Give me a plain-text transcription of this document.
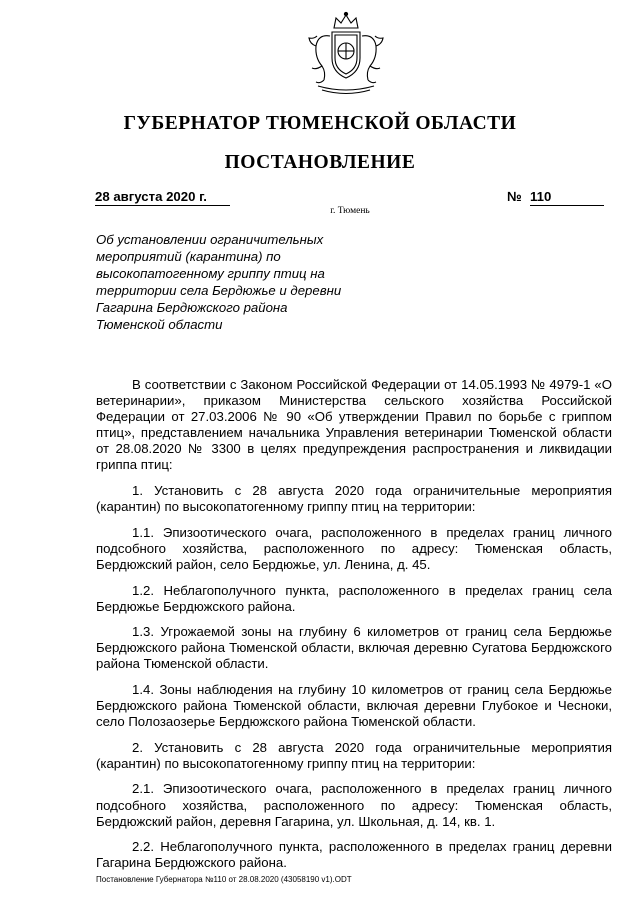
ГУБЕРНАТОР ТЮМЕНСКОЙ ОБЛАСТИ
ПОСТАНОВЛЕНИЕ
28 августа 2020 г.	№ 110
г. Тюмень
Об установлении ограничительных мероприятий (карантина) по высокопатогенному гриппу птиц на территории села Бердюжье и деревни Гагарина Бердюжского района Тюменской области

В соответствии с Законом Российской Федерации от 14.05.1993 № 4979-1 «О ветеринарии», приказом Министерства сельского хозяйства Российской Федерации от 27.03.2006 № 90 «Об утверждении Правил по борьбе с гриппом птиц», представлением начальника Управления ветеринарии Тюменской области от 28.08.2020 № 3300 в целях предупреждения распространения и ликвидации гриппа птиц:

1. Установить с 28 августа 2020 года ограничительные мероприятия (карантин) по высокопатогенному гриппу птиц на территории:

1.1. Эпизоотического очага, расположенного в пределах границ личного подсобного хозяйства, расположенного по адресу: Тюменская область, Бердюжский район, село Бердюжье, ул. Ленина, д. 45.

1.2. Неблагополучного пункта, расположенного в пределах границ села Бердюжье Бердюжского района.

1.3. Угрожаемой зоны на глубину 6 километров от границ села Бердюжье Бердюжского района Тюменской области, включая деревню Сугатова Бердюжского района Тюменской области.

1.4. Зоны наблюдения на глубину 10 километров от границ села Бердюжье Бердюжского района Тюменской области, включая деревни Глубокое и Чесноки, село Полозаозерье Бердюжского района Тюменской области.

2. Установить с 28 августа 2020 года ограничительные мероприятия (карантин) по высокопатогенному гриппу птиц на территории:

2.1. Эпизоотического очага, расположенного в пределах границ личного подсобного хозяйства, расположенного по адресу: Тюменская область, Бердюжский район, деревня Гагарина, ул. Школьная, д. 14, кв. 1.

2.2. Неблагополучного пункта, расположенного в пределах границ деревни Гагарина Бердюжского района.

Постановление Губернатора №110 от 28.08.2020 (43058190 v1).ODT
